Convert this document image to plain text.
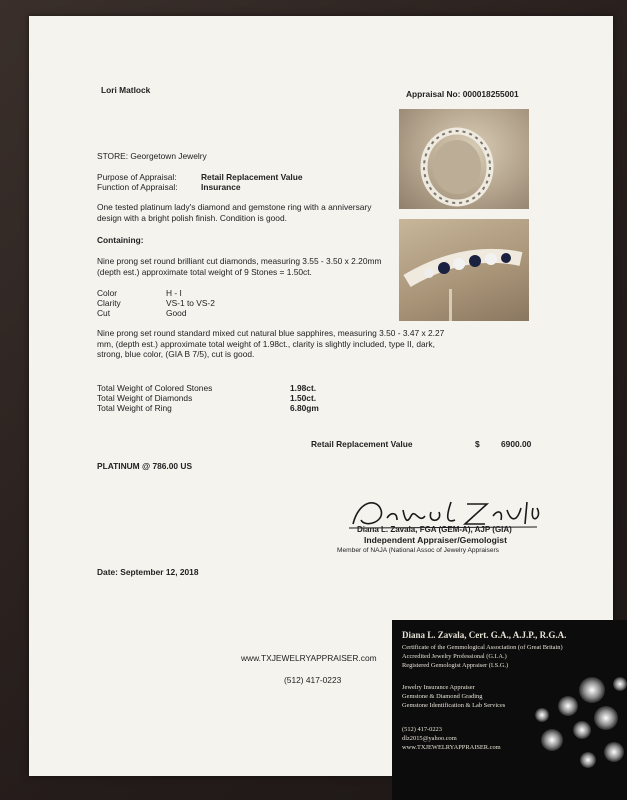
Lori Matlock	Appraisal No: 000018255001
STORE: Georgetown Jewelry
Purpose of Appraisal:	Retail Replacement Value
Function of Appraisal:	Insurance
One tested platinum lady's diamond and gemstone ring with a anniversary design with a bright polish finish. Condition is good.
Containing:
Nine prong set round brilliant cut diamonds, measuring 3.55 - 3.50 x 2.20mm (depth est.) approximate total weight of 9 Stones = 1.50ct.
Color	H - I
Clarity	VS-1 to VS-2
Cut	Good
Nine prong set round standard mixed cut natural blue sapphires, measuring 3.50 - 3.47 x 2.27 mm, (depth est.) approximate total weight of 1.98ct., clarity is slightly included, type II, dark, strong, blue color, (GIA B 7/5), cut is good.
Total Weight of Colored Stones	1.98ct.
Total Weight of Diamonds	1.50ct.
Total Weight of Ring	6.80gm
Retail Replacement Value	$	6900.00
PLATINUM @ 786.00 US
Diana L. Zavala, FGA (GEM-A), AJP (GIA)
Independent Appraiser/Gemologist
Member of NAJA (National Assoc of Jewelry Appraisers
Date: September 12, 2018
www.TXJEWELRYAPPRAISER.com
(512) 417-0223
Diana L. Zavala, Cert. G.A., A.J.P., R.G.A.
Certificate of the Gemmological Association (of Great Britain)
Accredited Jewelry Professional (G.I.A.)
Registered Gemologist Appraiser (I.S.G.)
Jewelry Insurance Appraiser
Gemstone & Diamond Grading
Gemstone Identification & Lab Services
(512) 417-0223
dlz2015@yahoo.com
www.TXJEWELRYAPPRAISER.com
